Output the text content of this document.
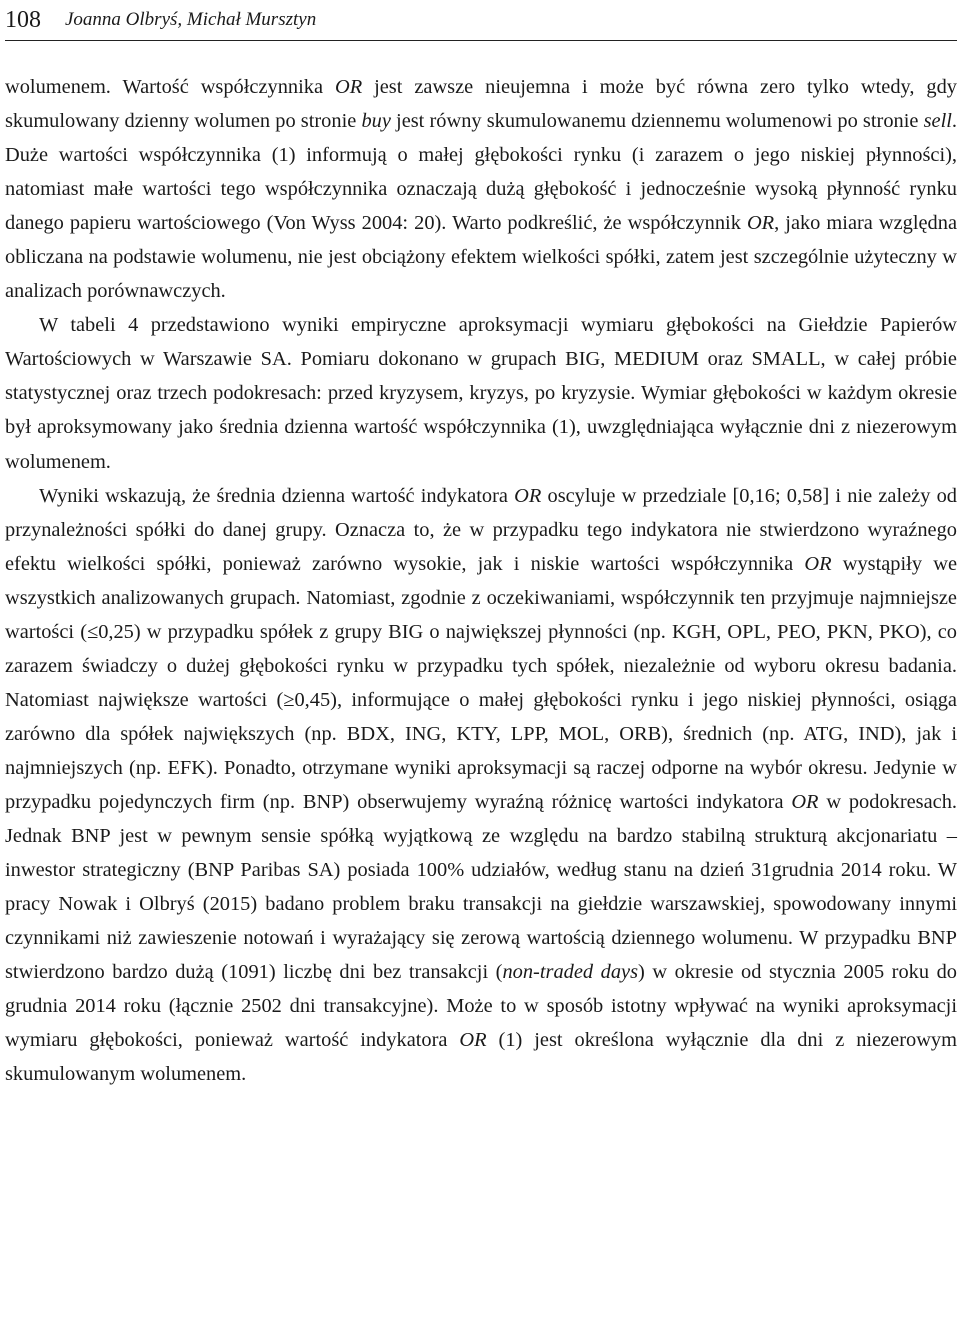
108 Joanna Olbryś, Michał Mursztyn

wolumenem. Wartość współczynnika OR jest zawsze nieujemna i może być równa zero tylko wtedy, gdy skumulowany dzienny wolumen po stronie buy jest równy skumulowanemu dziennemu wolumenowi po stronie sell. Duże wartości współczynnika (1) informują o małej głębokości rynku (i zarazem o jego niskiej płynności), natomiast małe wartości tego współczynnika oznaczają dużą głębokość i jednocześnie wysoką płynność rynku danego papieru wartościowego (Von Wyss 2004: 20). Warto podkreślić, że współczynnik OR, jako miara względna obliczana na podstawie wolumenu, nie jest obciążony efektem wielkości spółki, zatem jest szczególnie użyteczny w analizach porównawczych.

W tabeli 4 przedstawiono wyniki empiryczne aproksymacji wymiaru głębokości na Giełdzie Papierów Wartościowych w Warszawie SA. Pomiaru dokonano w grupach BIG, MEDIUM oraz SMALL, w całej próbie statystycznej oraz trzech podokresach: przed kryzysem, kryzys, po kryzysie. Wymiar głębokości w każdym okresie był aproksymowany jako średnia dzienna wartość współczynnika (1), uwzględniająca wyłącznie dni z niezerowym wolumenem.

Wyniki wskazują, że średnia dzienna wartość indykatora OR oscyluje w przedziale [0,16; 0,58] i nie zależy od przynależności spółki do danej grupy. Oznacza to, że w przypadku tego indykatora nie stwierdzono wyraźnego efektu wielkości spółki, ponieważ zarówno wysokie, jak i niskie wartości współczynnika OR wystąpiły we wszystkich analizowanych grupach. Natomiast, zgodnie z oczekiwaniami, współczynnik ten przyjmuje najmniejsze wartości (≤0,25) w przypadku spółek z grupy BIG o największej płynności (np. KGH, OPL, PEO, PKN, PKO), co zarazem świadczy o dużej głębokości rynku w przypadku tych spółek, niezależnie od wyboru okresu badania. Natomiast największe wartości (≥0,45), informujące o małej głębokości rynku i jego niskiej płynności, osiąga zarówno dla spółek największych (np. BDX, ING, KTY, LPP, MOL, ORB), średnich (np. ATG, IND), jak i najmniejszych (np. EFK). Ponadto, otrzymane wyniki aproksymacji są raczej odporne na wybór okresu. Jedynie w przypadku pojedynczych firm (np. BNP) obserwujemy wyraźną różnicę wartości indykatora OR w podokresach. Jednak BNP jest w pewnym sensie spółką wyjątkową ze względu na bardzo stabilną strukturą akcjonariatu – inwestor strategiczny (BNP Paribas SA) posiada 100% udziałów, według stanu na dzień 31grudnia 2014 roku. W pracy Nowak i Olbryś (2015) badano problem braku transakcji na giełdzie warszawskiej, spowodowany innymi czynnikami niż zawieszenie notowań i wyrażający się zerową wartością dziennego wolumenu. W przypadku BNP stwierdzono bardzo dużą (1091) liczbę dni bez transakcji (non-traded days) w okresie od stycznia 2005 roku do grudnia 2014 roku (łącznie 2502 dni transakcyjne). Może to w sposób istotny wpływać na wyniki aproksymacji wymiaru głębokości, ponieważ wartość indykatora OR (1) jest określona wyłącznie dla dni z niezerowym skumulowanym wolumenem.
